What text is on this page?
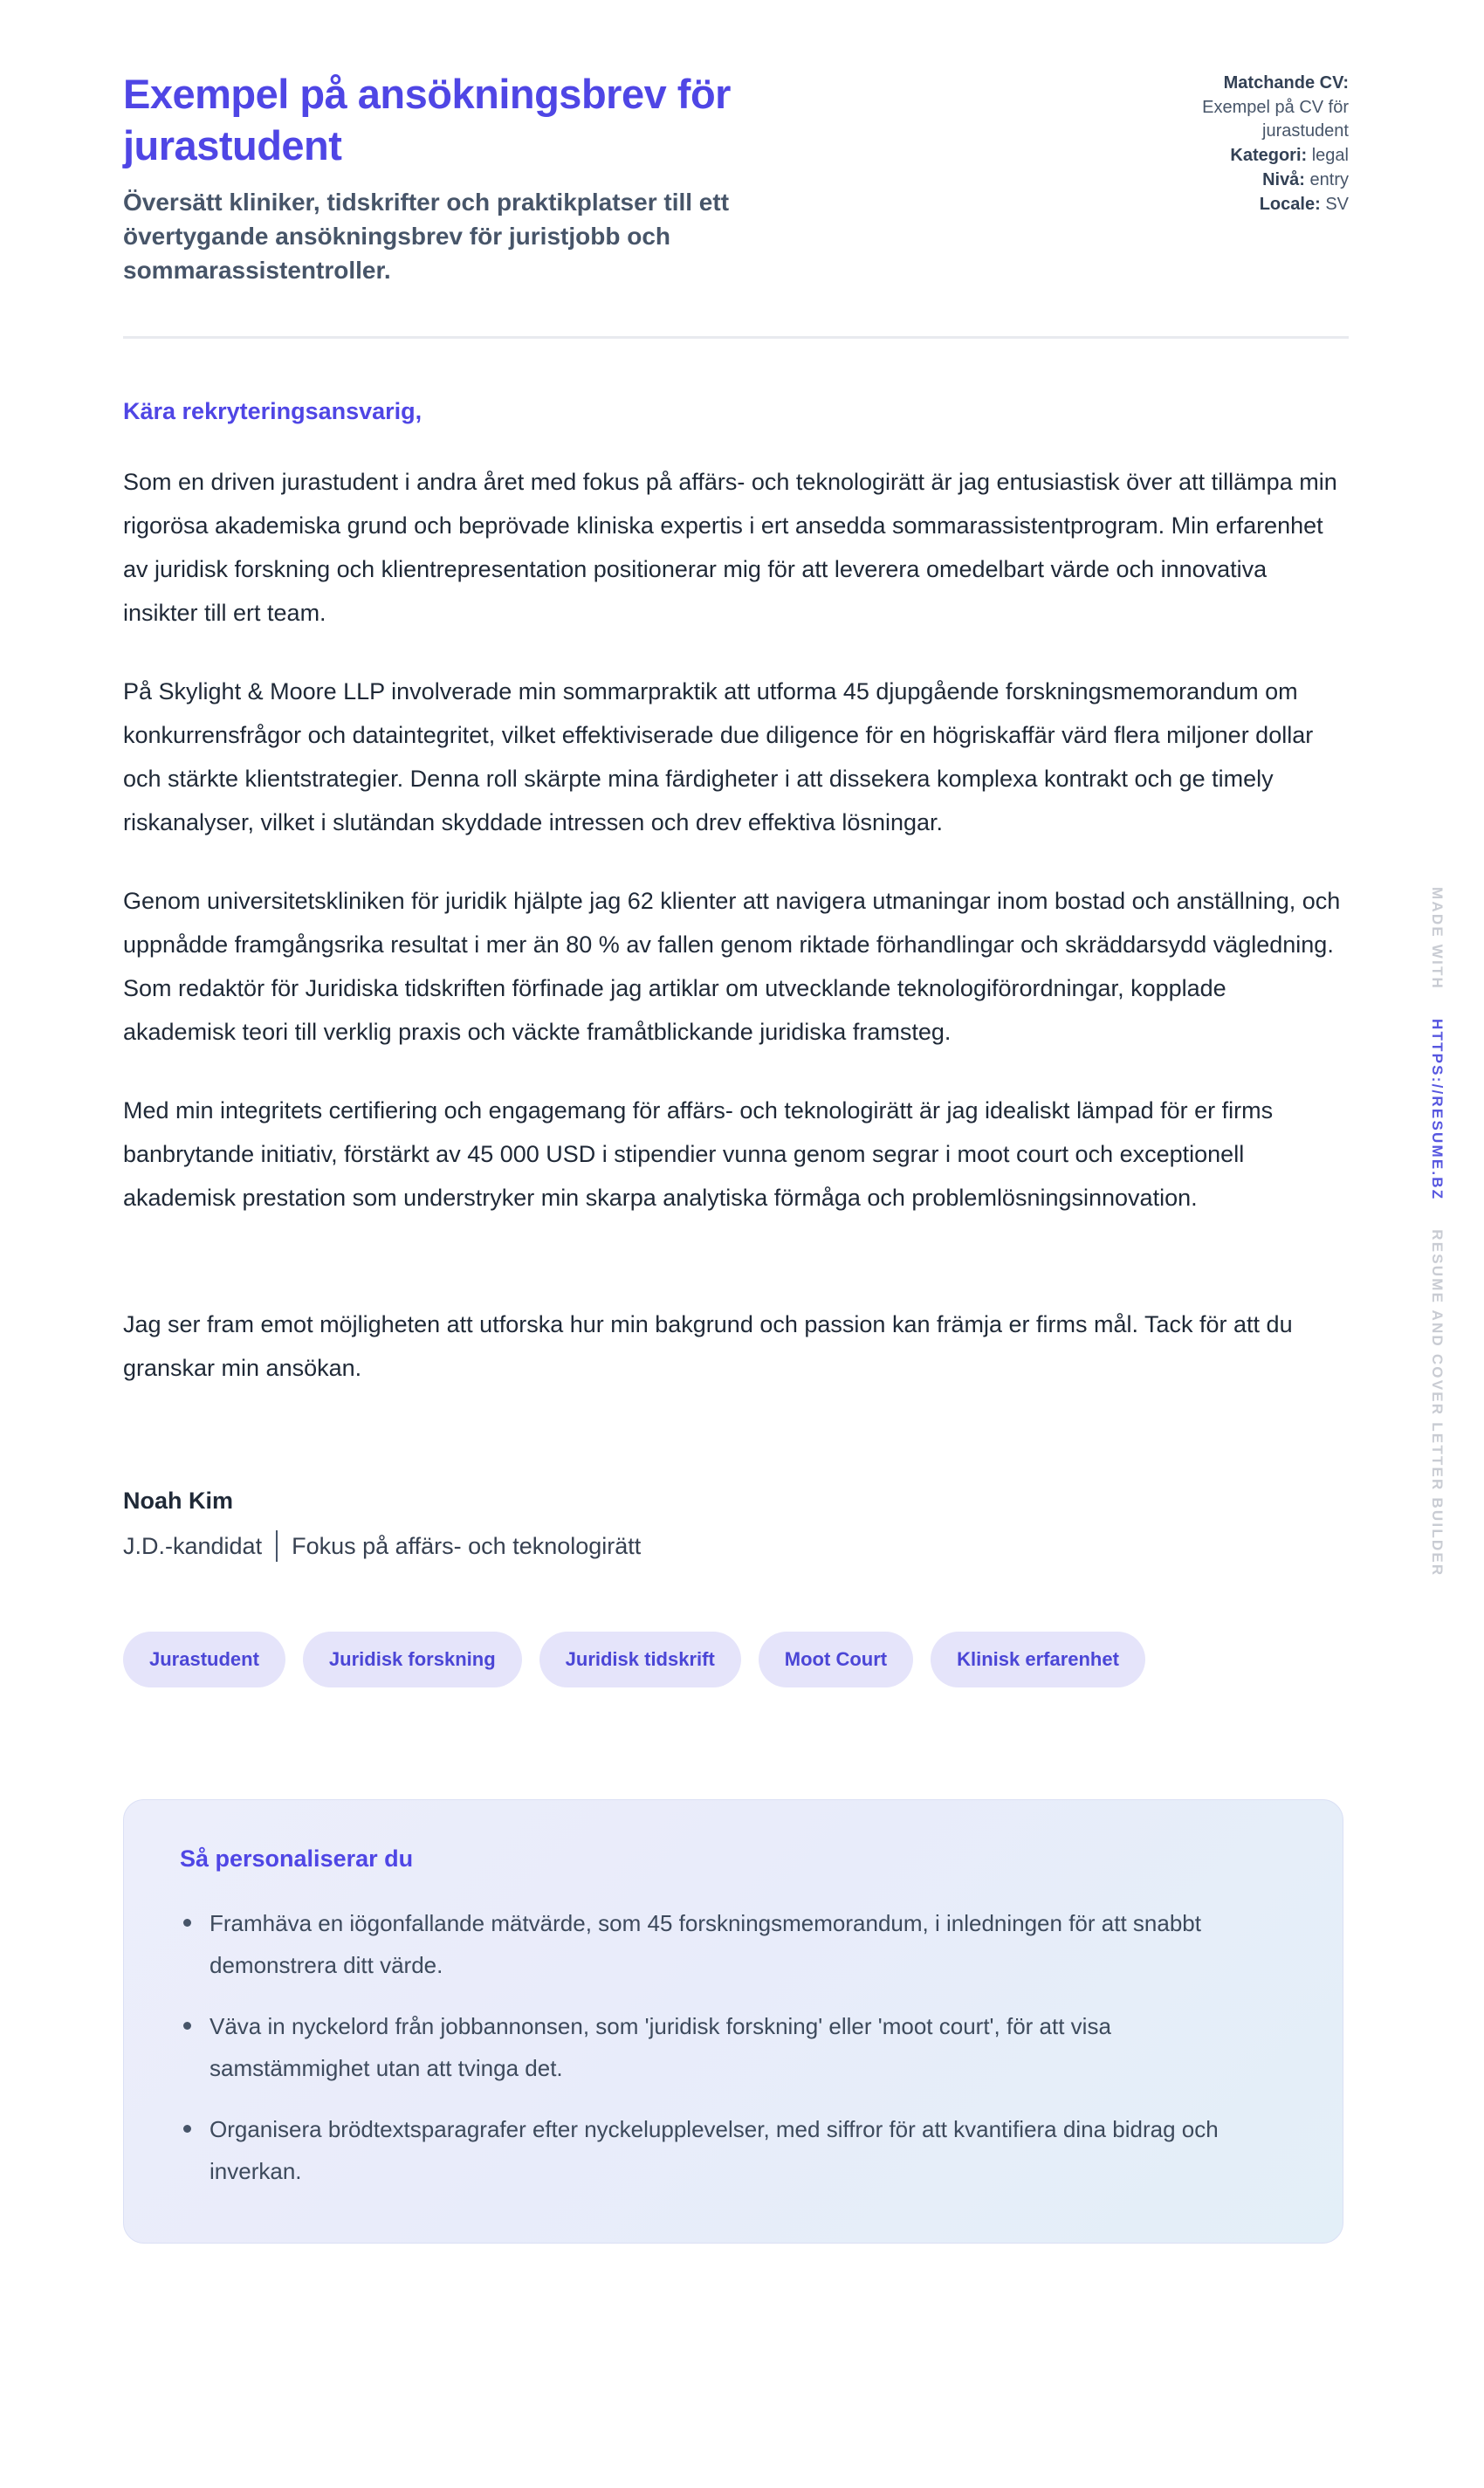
Exempel på ansökningsbrev för jurastudent

Översätt kliniker, tidskrifter och praktikplatser till ett övertygande ansökningsbrev för juristjobb och sommarassistentroller.

Matchande CV:
Exempel på CV för jurastudent
Kategori: legal
Nivå: entry
Locale: SV

Kära rekryteringsansvarig,

Som en driven jurastudent i andra året med fokus på affärs- och teknologirätt är jag entusiastisk över att tillämpa min rigorösa akademiska grund och beprövade kliniska expertis i ert ansedda sommarassistentprogram. Min erfarenhet av juridisk forskning och klientrepresentation positionerar mig för att leverera omedelbart värde och innovativa insikter till ert team.

På Skylight & Moore LLP involverade min sommarpraktik att utforma 45 djupgående forskningsmemorandum om konkurrensfrågor och dataintegritet, vilket effektiviserade due diligence för en högriskaffär värd flera miljoner dollar och stärkte klientstrategier. Denna roll skärpte mina färdigheter i att dissekera komplexa kontrakt och ge timely riskanalyser, vilket i slutändan skyddade intressen och drev effektiva lösningar.

Genom universitetskliniken för juridik hjälpte jag 62 klienter att navigera utmaningar inom bostad och anställning, och uppnådde framgångsrika resultat i mer än 80 % av fallen genom riktade förhandlingar och skräddarsydd vägledning. Som redaktör för Juridiska tidskriften förfinade jag artiklar om utvecklande teknologiförordningar, kopplade akademisk teori till verklig praxis och väckte framåtblickande juridiska framsteg.

Med min integritets certifiering och engagemang för affärs- och teknologirätt är jag idealiskt lämpad för er firms banbrytande initiativ, förstärkt av 45 000 USD i stipendier vunna genom segrar i moot court och exceptionell akademisk prestation som understryker min skarpa analytiska förmåga och problemlösningsinnovation.

Jag ser fram emot möjligheten att utforska hur min bakgrund och passion kan främja er firms mål. Tack för att du granskar min ansökan.

Noah Kim

J.D.-kandidat Fokus på affärs- och teknologirätt

Jurastudent	Juridisk forskning	Juridisk tidskrift	Moot Court	Klinisk erfarenhet
Så personaliserar du
Framhäva en iögonfallande mätvärde, som 45 forskningsmemorandum, i inledningen för att snabbt demonstrera ditt värde.
Väva in nyckelord från jobbannonsen, som 'juridisk forskning' eller 'moot court', för att visa samstämmighet utan att tvinga det.
Organisera brödtextsparagrafer efter nyckelupplevelser, med siffror för att kvantifiera dina bidrag och inverkan.
MADE WITH HTTPS://RESUME.BZ RESUME AND COVER LETTER BUILDER
